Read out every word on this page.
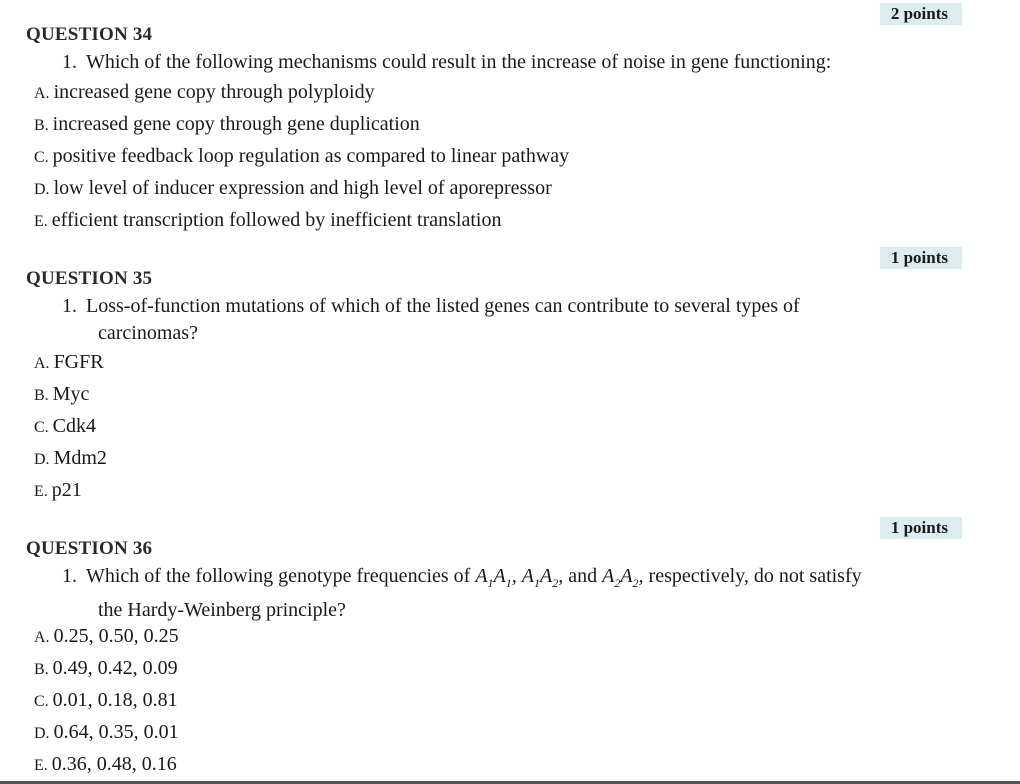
2 points
QUESTION 34
1. Which of the following mechanisms could result in the increase of noise in gene functioning:
A. increased gene copy through polyploidy
B. increased gene copy through gene duplication
C. positive feedback loop regulation as compared to linear pathway
D. low level of inducer expression and high level of aporepressor
E. efficient transcription followed by inefficient translation
1 points
QUESTION 35
1. Loss-of-function mutations of which of the listed genes can contribute to several types of
carcinomas?
A. FGFR
B. Myc
C. Cdk4
D. Mdm2
E. p21
1 points
QUESTION 36
1. Which of the following genotype frequencies of $A_1A_1$, $A_1A_2$, and $A_2A_2$, respectively, do not satisfy
the Hardy-Weinberg principle?
A. 0.25, 0.50, 0.25
B. 0.49, 0.42, 0.09
C. 0.01, 0.18, 0.81
D. 0.64, 0.35, 0.01
E. 0.36, 0.48, 0.16
